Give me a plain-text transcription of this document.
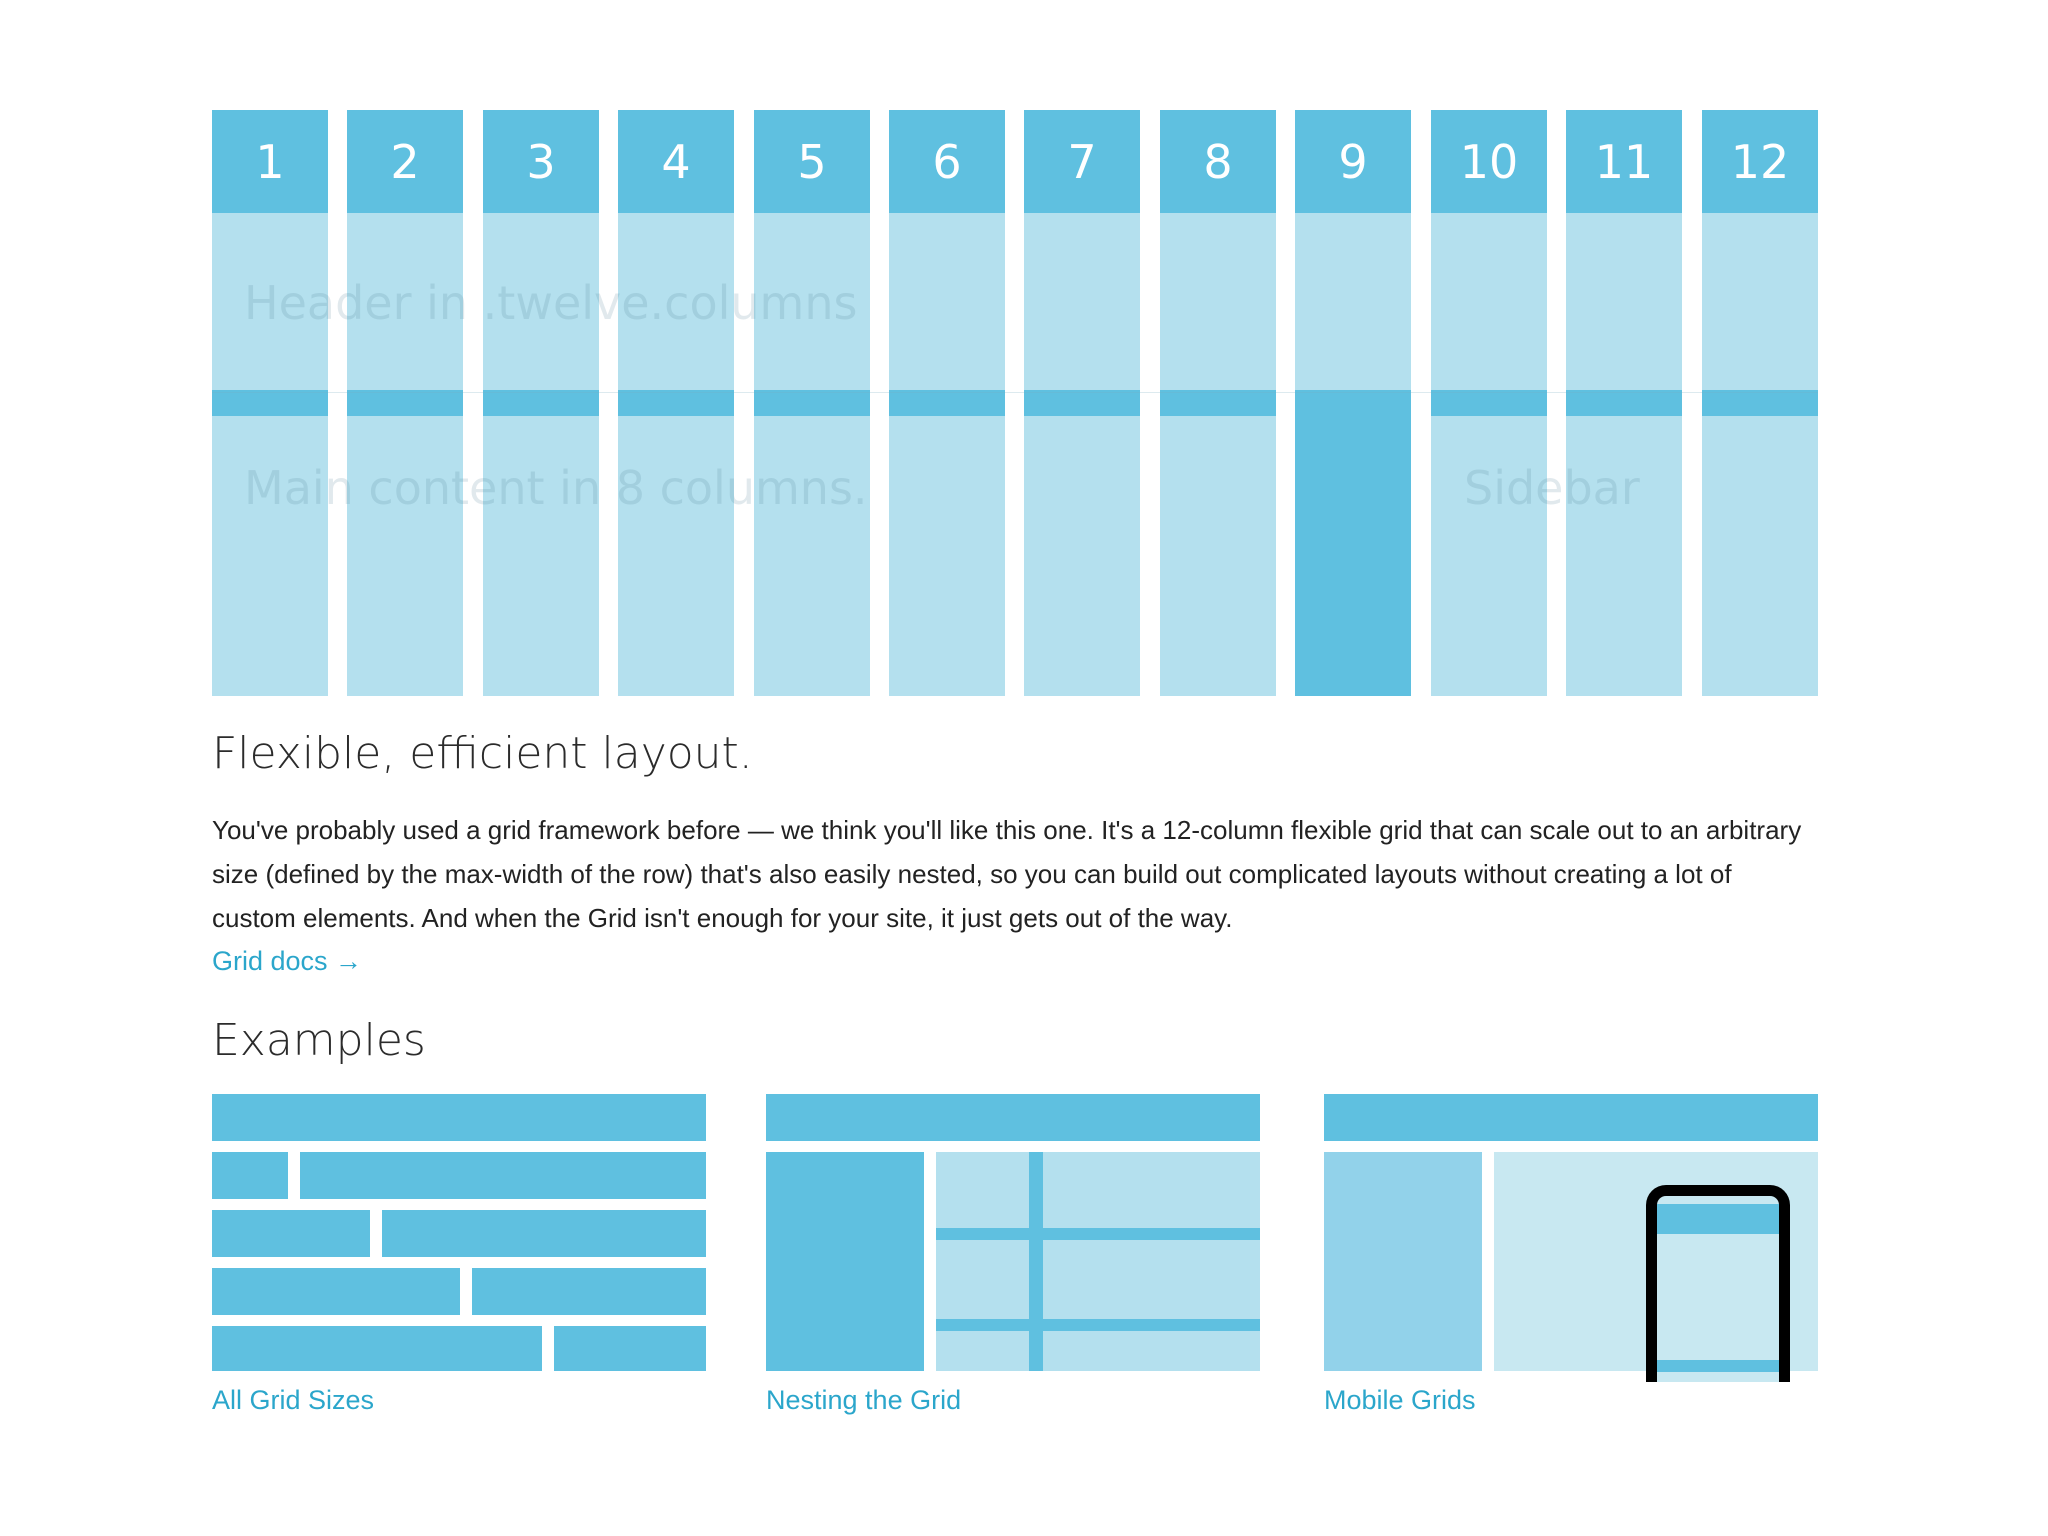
1	2	3	4	5	6	7	8	9	10	11	12
Header in .twelve.columns
Main content in 8 columns.	Sidebar
Flexible, efficient layout.

You've probably used a grid framework before — we think you'll like this one. It's a 12-column flexible grid that can scale out to an arbitrary size (defined by the max-width of the row) that's also easily nested, so you can build out complicated layouts without creating a lot of custom elements. And when the Grid isn't enough for your site, it just gets out of the way.

Grid docs →
Examples
All Grid Sizes	Nesting the Grid	Mobile Grids
